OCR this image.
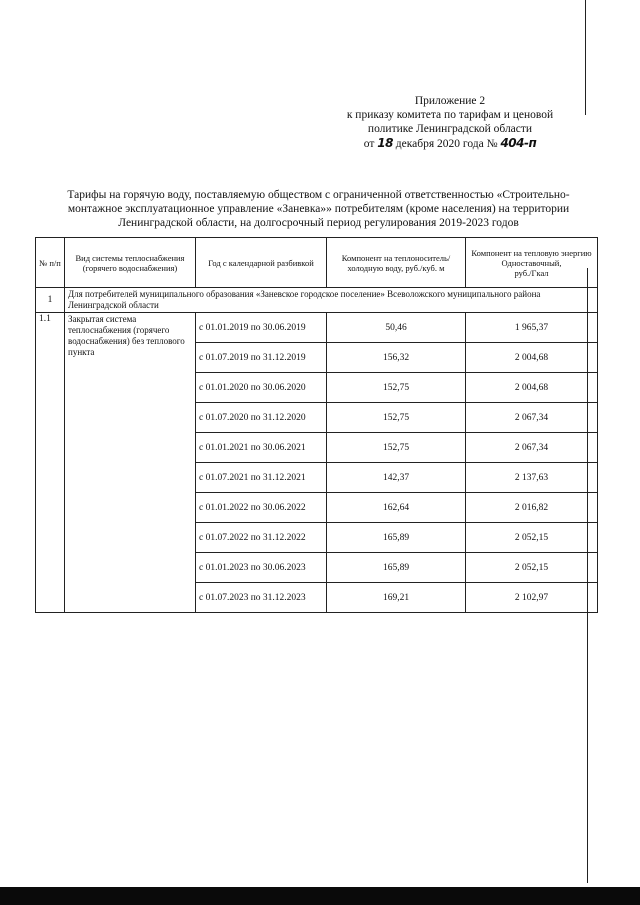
Приложение 2
к приказу комитета по тарифам и ценовой
политике Ленинградской области
от 18 декабря 2020 года № 404-п
Тарифы на горячую воду, поставляемую обществом с ограниченной ответственностью «Строительно-
монтажное эксплуатационное управление «Заневка»» потребителям (кроме населения) на территории
Ленинградской области, на долгосрочный период регулирования 2019-2023 годов
№ п/п	Вид системы теплоснабжения (горячего водоснабжения)	Год с календарной разбивкой	Компонент на теплоноситель/холодную воду, руб./куб. м	Компонент на тепловую энергию
Одноставочный,
руб./Гкал

1	Для потребителей муниципального образования «Заневское городское поселение» Всеволожского муниципального района Ленинградской области			
1.1	Закрытая система теплоснабжения (горячего водоснабжения) без теплового пункта	с 01.01.2019 по 30.06.2019	50,46	1 965,37
		с 01.07.2019 по 31.12.2019	156,32	2 004,68
		с 01.01.2020 по 30.06.2020	152,75	2 004,68
		с 01.07.2020 по 31.12.2020	152,75	2 067,34
		с 01.01.2021 по 30.06.2021	152,75	2 067,34
		с 01.07.2021 по 31.12.2021	142,37	2 137,63
		с 01.01.2022 по 30.06.2022	162,64	2 016,82
		с 01.07.2022 по 31.12.2022	165,89	2 052,15
		с 01.01.2023 по 30.06.2023	165,89	2 052,15
		с 01.07.2023 по 31.12.2023	169,21	2 102,97
